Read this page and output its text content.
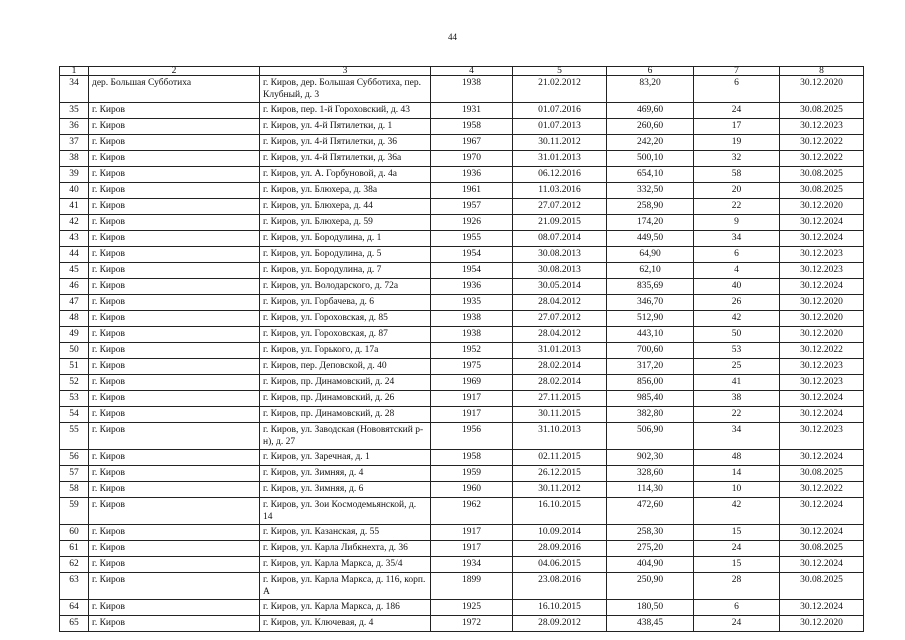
44
1	2	3	4	5	6	7	8
34	дер. Большая Субботиха	г. Киров, дер. Большая Субботиха, пер. Клубный, д. 3	1938	21.02.2012	83,20	6	30.12.2020
35	г. Киров	г. Киров, пер. 1-й Гороховский, д. 43	1931	01.07.2016	469,60	24	30.08.2025
36	г. Киров	г. Киров, ул. 4-й Пятилетки, д. 1	1958	01.07.2013	260,60	17	30.12.2023
37	г. Киров	г. Киров, ул. 4-й Пятилетки, д. 36	1967	30.11.2012	242,20	19	30.12.2022
38	г. Киров	г. Киров, ул. 4-й Пятилетки, д. 36а	1970	31.01.2013	500,10	32	30.12.2022
39	г. Киров	г. Киров, ул. А. Горбуновой, д. 4а	1936	06.12.2016	654,10	58	30.08.2025
40	г. Киров	г. Киров, ул. Блюхера, д. 38а	1961	11.03.2016	332,50	20	30.08.2025
41	г. Киров	г. Киров, ул. Блюхера, д. 44	1957	27.07.2012	258,90	22	30.12.2020
42	г. Киров	г. Киров, ул. Блюхера, д. 59	1926	21.09.2015	174,20	9	30.12.2024
43	г. Киров	г. Киров, ул. Бородулина, д. 1	1955	08.07.2014	449,50	34	30.12.2024
44	г. Киров	г. Киров, ул. Бородулина, д. 5	1954	30.08.2013	64,90	6	30.12.2023
45	г. Киров	г. Киров, ул. Бородулина, д. 7	1954	30.08.2013	62,10	4	30.12.2023
46	г. Киров	г. Киров, ул. Володарского, д. 72а	1936	30.05.2014	835,69	40	30.12.2024
47	г. Киров	г. Киров, ул. Горбачева, д. 6	1935	28.04.2012	346,70	26	30.12.2020
48	г. Киров	г. Киров, ул. Гороховская, д. 85	1938	27.07.2012	512,90	42	30.12.2020
49	г. Киров	г. Киров, ул. Гороховская, д. 87	1938	28.04.2012	443,10	50	30.12.2020
50	г. Киров	г. Киров, ул. Горького, д. 17а	1952	31.01.2013	700,60	53	30.12.2022
51	г. Киров	г. Киров, пер. Деповской, д. 40	1975	28.02.2014	317,20	25	30.12.2023
52	г. Киров	г. Киров, пр. Динамовский, д. 24	1969	28.02.2014	856,00	41	30.12.2023
53	г. Киров	г. Киров, пр. Динамовский, д. 26	1917	27.11.2015	985,40	38	30.12.2024
54	г. Киров	г. Киров, пр. Динамовский, д. 28	1917	30.11.2015	382,80	22	30.12.2024
55	г. Киров	г. Киров, ул. Заводская (Нововятский р-н), д. 27	1956	31.10.2013	506,90	34	30.12.2023
56	г. Киров	г. Киров, ул. Заречная, д. 1	1958	02.11.2015	902,30	48	30.12.2024
57	г. Киров	г. Киров, ул. Зимняя, д. 4	1959	26.12.2015	328,60	14	30.08.2025
58	г. Киров	г. Киров, ул. Зимняя, д. 6	1960	30.11.2012	114,30	10	30.12.2022
59	г. Киров	г. Киров, ул. Зои Космодемьянской, д. 14	1962	16.10.2015	472,60	42	30.12.2024
60	г. Киров	г. Киров, ул. Казанская, д. 55	1917	10.09.2014	258,30	15	30.12.2024
61	г. Киров	г. Киров, ул. Карла Либкнехта, д. 36	1917	28.09.2016	275,20	24	30.08.2025
62	г. Киров	г. Киров, ул. Карла Маркса, д. 35/4	1934	04.06.2015	404,90	15	30.12.2024
63	г. Киров	г. Киров, ул. Карла Маркса, д. 116, корп. А	1899	23.08.2016	250,90	28	30.08.2025
64	г. Киров	г. Киров, ул. Карла Маркса, д. 186	1925	16.10.2015	180,50	6	30.12.2024
65	г. Киров	г. Киров, ул. Ключевая, д. 4	1972	28.09.2012	438,45	24	30.12.2020
